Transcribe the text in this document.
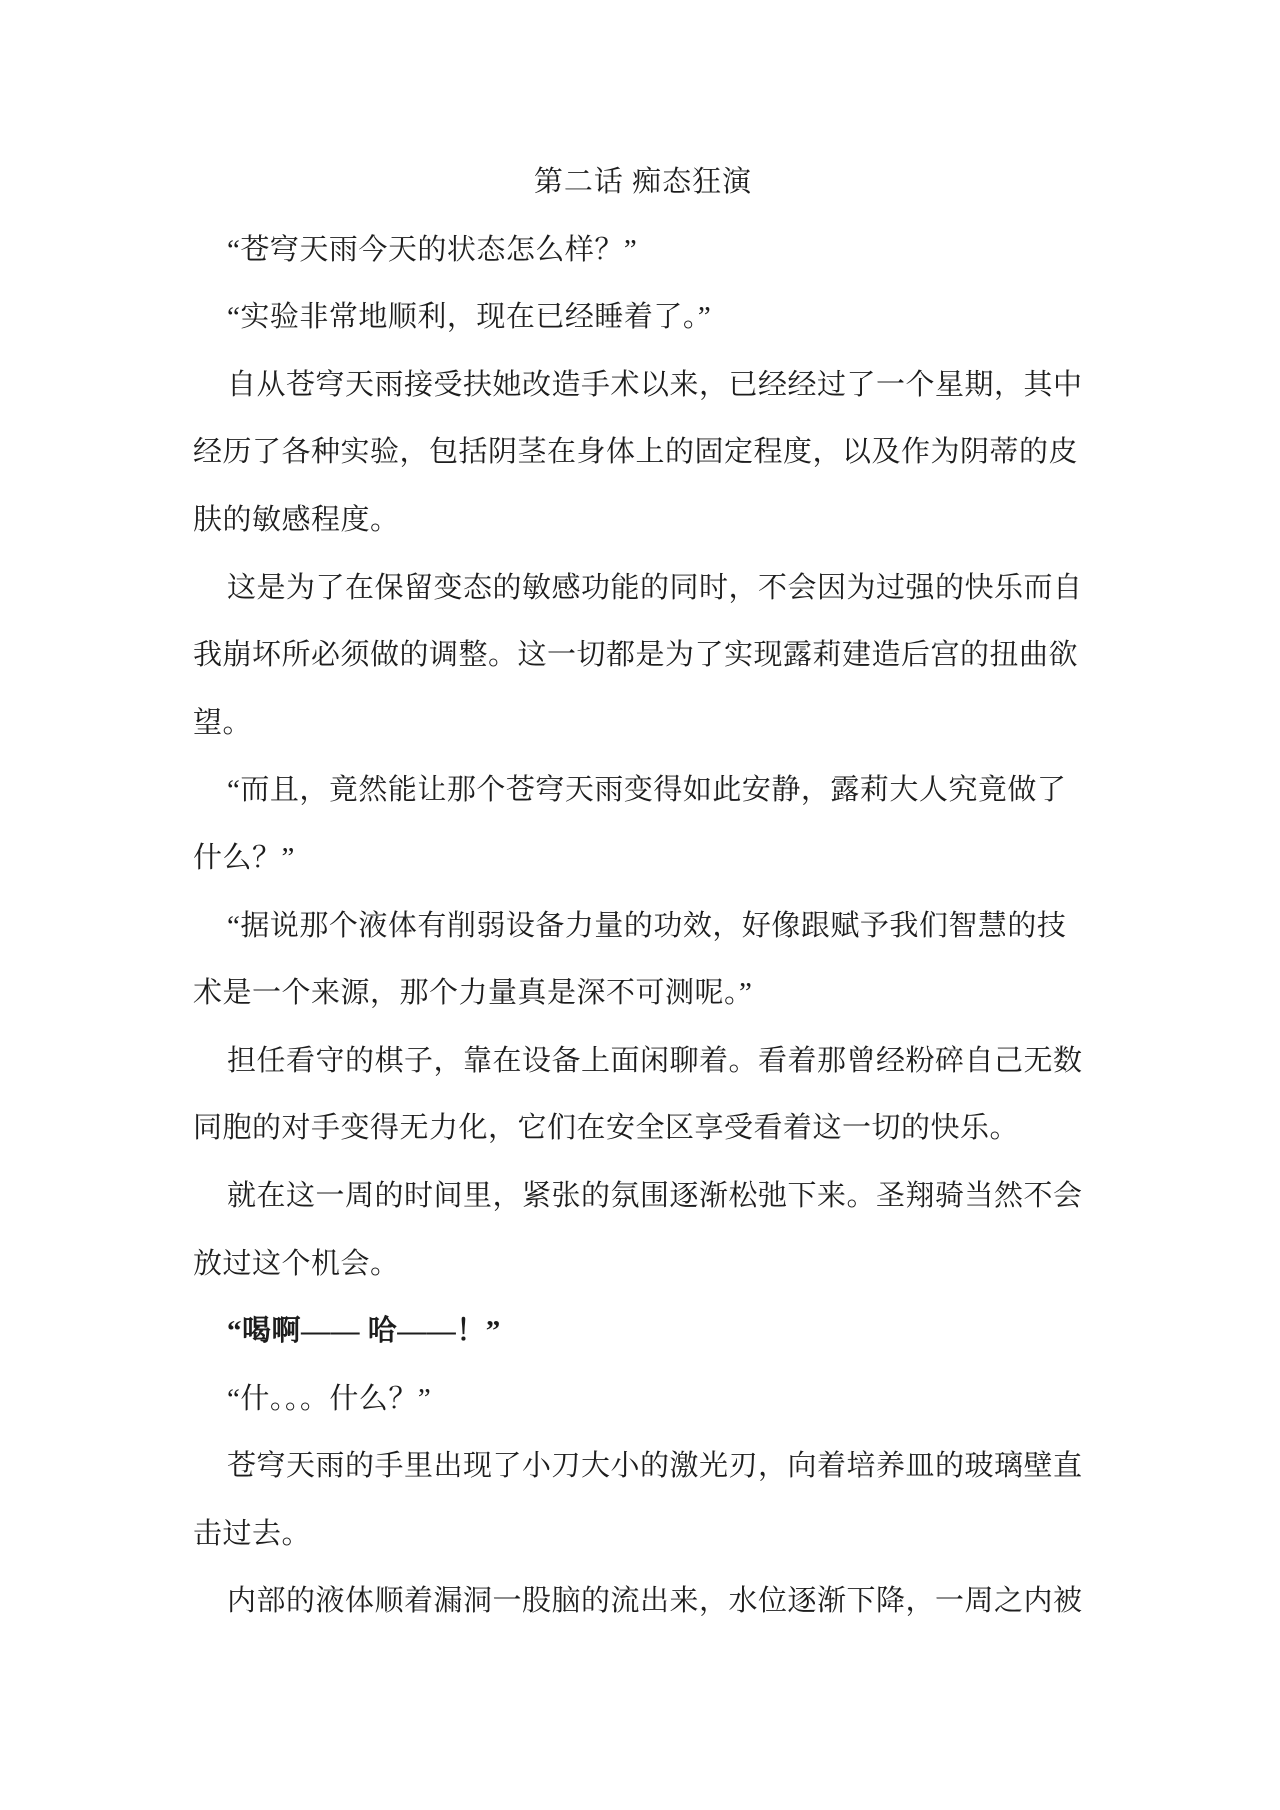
第二话 痴态狂演
“苍穹天雨今天的状态怎么样？”
“实验非常地顺利，现在已经睡着了。”
自从苍穹天雨接受扶她改造手术以来，已经经过了一个星期，其中
经历了各种实验，包括阴茎在身体上的固定程度，以及作为阴蒂的皮
肤的敏感程度。
这是为了在保留变态的敏感功能的同时，不会因为过强的快乐而自
我崩坏所必须做的调整。这一切都是为了实现露莉建造后宫的扭曲欲
望。
“而且，竟然能让那个苍穹天雨变得如此安静，露莉大人究竟做了
什么？”
“据说那个液体有削弱设备力量的功效，好像跟赋予我们智慧的技
术是一个来源，那个力量真是深不可测呢。”
担任看守的棋子，靠在设备上面闲聊着。看着那曾经粉碎自己无数
同胞的对手变得无力化，它们在安全区享受看着这一切的快乐。
就在这一周的时间里，紧张的氛围逐渐松弛下来。圣翔骑当然不会
放过这个机会。
“喝啊—— 哈——！”
“什。。。什么？”
苍穹天雨的手里出现了小刀大小的激光刃，向着培养皿的玻璃壁直
击过去。
内部的液体顺着漏洞一股脑的流出来，水位逐渐下降，一周之内被
